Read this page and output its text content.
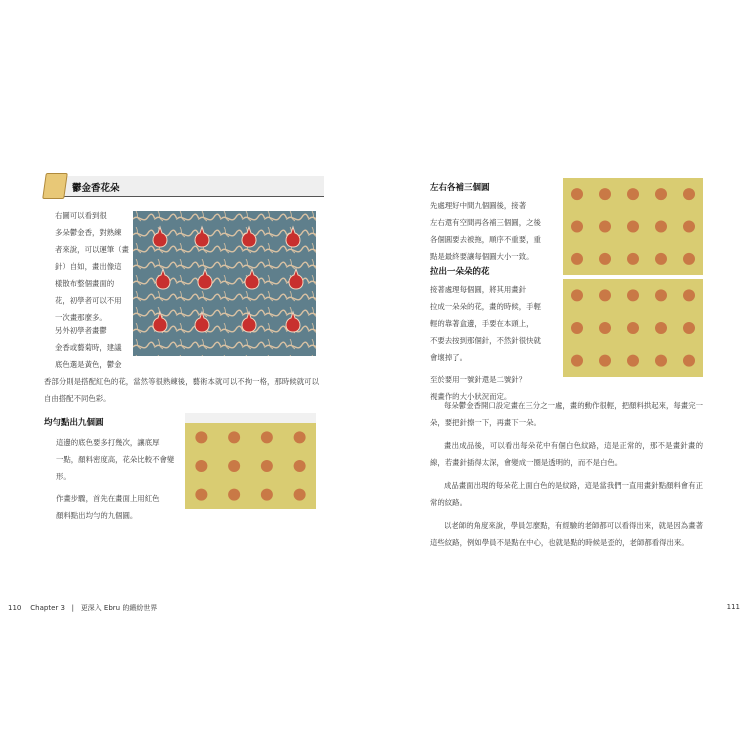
鬱金香花朵

右圖可以看到很

多朵鬱金香，對熟練

者來說，可以運筆（畫

針）自如，畫出像這

樣散布整個畫面的

花，初學者可以不用

一次畫那麼多。

另外初學者畫鬱

金香或藝菊時，建議

底色選是黃色，鬱金

香部分則是搭配紅色的花，當然等很熟練後，藝術本就可以不拘一格，那時候就可以自由搭配不同色彩。

均勻點出九個圓

這邊的底色要多打幾次，讓底厚

一點，顏料密度高，花朵比較不會變

形。

作畫步驟，首先在畫面上用紅色

顏料點出均勻的九個圓。

左右各補三個圓

先處理好中間九個圓後，接著

左右還有空間再各補三個圓，之後

各個圓要去被拖，順序不重要，重

點是最終要讓每個圓大小一致。

拉出一朵朵的花

接著處理每個圓，將其用畫針

拉成一朵朵的花，畫的時候，手輕

輕的靠著盒邊，手要在本頭上，

不要去按到那個針，不然針很快就

會壞掉了。

至於要用一號針還是二號針？

視畫作的大小狀況而定。

每朵鬱金香開口設定畫在三分之一處，畫的動作很輕，把顏料拱起來，每畫完一朵，要把針擦一下，再畫下一朵。

畫出成品後，可以看出每朵花中有個白色紋路，這是正常的，那不是畫針畫的線，若畫針插得太深，會變成一圈是透明的，而不是白色。

成品畫面出現的每朵花上面白色的是紋路，這是當我們一直用畫針點顏料會有正常的紋路。

以老師的角度來說，學員怎麼點，有經驗的老師都可以看得出來，就是因為畫著這些紋路，例如學員不是點在中心，也就是點的時候是歪的，老師都看得出來。

110 Chapter 3 | 更深入 Ebru 的繽紛世界	111
